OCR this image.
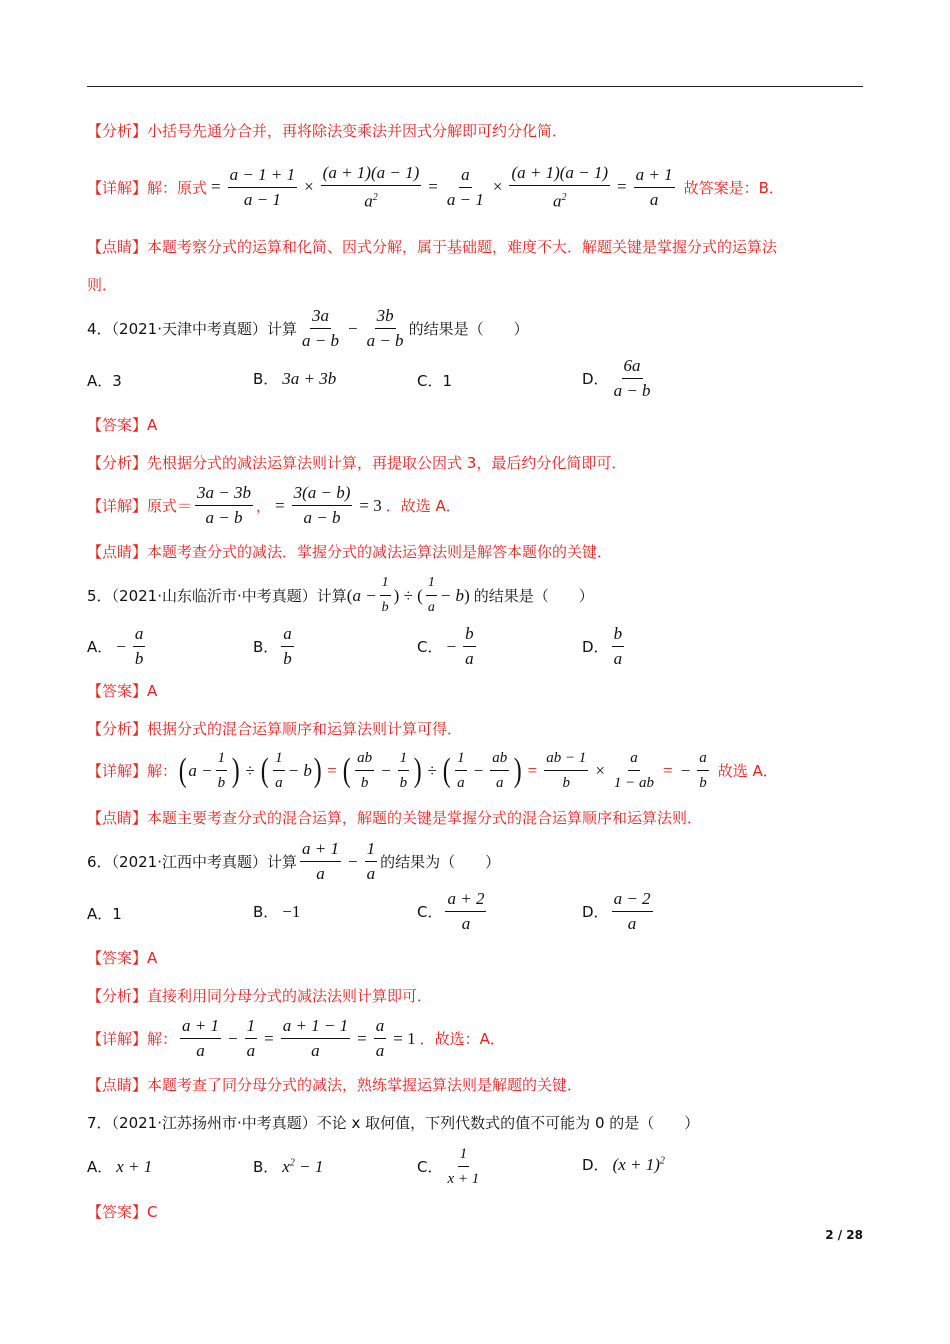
【分析】 小括号先通分合并，再将除法变乘法并因式分解即可约分化简．
【详解】 解：原式 = $\frac{a - 1 + 1}{a - 1} \times \frac{(a + 1)(a - 1)}{a^2} = \frac{a}{a - 1} \times \frac{(a + 1)(a - 1)}{a^2} = \frac{a + 1}{a}$ 故答案是：B．
【点睛】 本题考察分式的运算和化简、因式分解，属于基础题，难度不大．解题关键是掌握分式的运算法
则．
4．（2021·天津中考真题）计算 $\frac{3a}{a - b} - \frac{3b}{a - b}$ 的结果是（　　）
A．3	B． 3a + 3b	C．1	D． $\frac{6a}{a - b}$
【答案】 A
【分析】 先根据分式的减法运算法则计算，再提取公因式 3，最后约分化简即可．
【详解】 原式＝ $\frac{3a - 3b}{a - b}$ ， = $\frac{3(a - b)}{a - b} = 3$ ．故选 A．
【点睛】 本题考查分式的减法．掌握分式的减法运算法则是解答本题你的关键．
5．（2021·山东临沂市·中考真题）计算 ( $a - \frac{1}{b}$ ) ÷ ( $\frac{1}{a} - b$ ) 的结果是（　　）
A． − $\frac{a}{b}$	B． $\frac{a}{b}$	C． − $\frac{b}{a}$	D． $\frac{b}{a}$
【答案】 A
【分析】 根据分式的混合运算顺序和运算法则计算可得．
【详解】 解： ( $a - \frac{1}{b}$ ) ÷ ( $\frac{1}{a} - b$ ) = ( $\frac{ab}{b} - \frac{1}{b}$ ) ÷ ( $\frac{1}{a} - \frac{ab}{a}$ ) = $\frac{ab - 1}{b} \times \frac{a}{1 - ab}$ = − $\frac{a}{b}$ 故选 A．
【点睛】 本题主要考查分式的混合运算，解题的关键是掌握分式的混合运算顺序和运算法则．
6．（2021·江西中考真题）计算 $\frac{a + 1}{a} - \frac{1}{a}$ 的结果为（　　）
A．1	B． −1	C． $\frac{a + 2}{a}$	D． $\frac{a - 2}{a}$
【答案】 A
【分析】 直接利用同分母分式的减法法则计算即可．
【详解】 解： $\frac{a + 1}{a} - \frac{1}{a} = \frac{a + 1 - 1}{a} = \frac{a}{a} = 1$ ．故选：A．
【点睛】 本题考查了同分母分式的减法，熟练掌握运算法则是解题的关键．
7．（2021·江苏扬州市·中考真题）不论 x 取何值，下列代数式的值不可能为 0 的是（　　）
A． x + 1	B． $x^2 - 1$	C． $\frac{1}{x + 1}$	D． $(x + 1)^2$
【答案】 C
2 / 28
